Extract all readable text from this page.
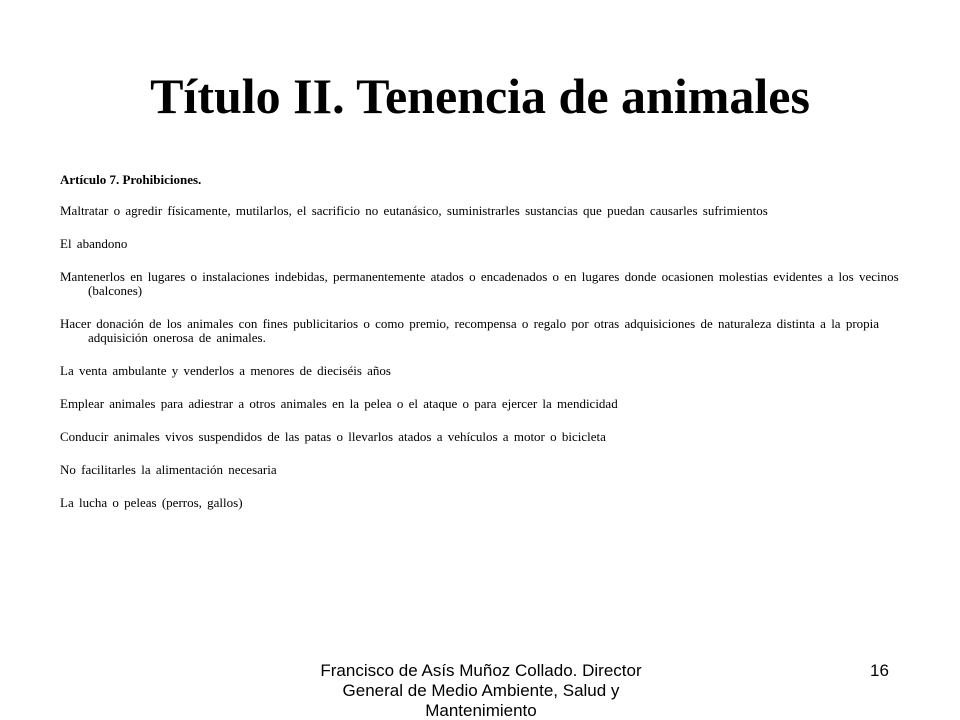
Título II. Tenencia de animales
Artículo 7. Prohibiciones.
Maltratar o agredir físicamente, mutilarlos, el sacrificio no eutanásico, suministrarles sustancias que puedan causarles sufrimientos
El abandono
Mantenerlos en lugares o instalaciones indebidas, permanentemente atados o encadenados o en lugares donde ocasionen molestias evidentes a los vecinos (balcones)
Hacer donación de los animales con fines publicitarios o como premio, recompensa o regalo por otras adquisiciones de naturaleza distinta a la propia adquisición onerosa de animales.
La venta ambulante y venderlos a menores de dieciséis años
Emplear animales para adiestrar a otros animales en la pelea o el ataque o para ejercer la mendicidad
Conducir animales vivos suspendidos de las patas o llevarlos atados a vehículos a motor o bicicleta
No facilitarles la alimentación necesaria
La lucha o peleas (perros, gallos)
Francisco de Asís Muñoz Collado. Director General de Medio Ambiente, Salud y Mantenimiento
16
